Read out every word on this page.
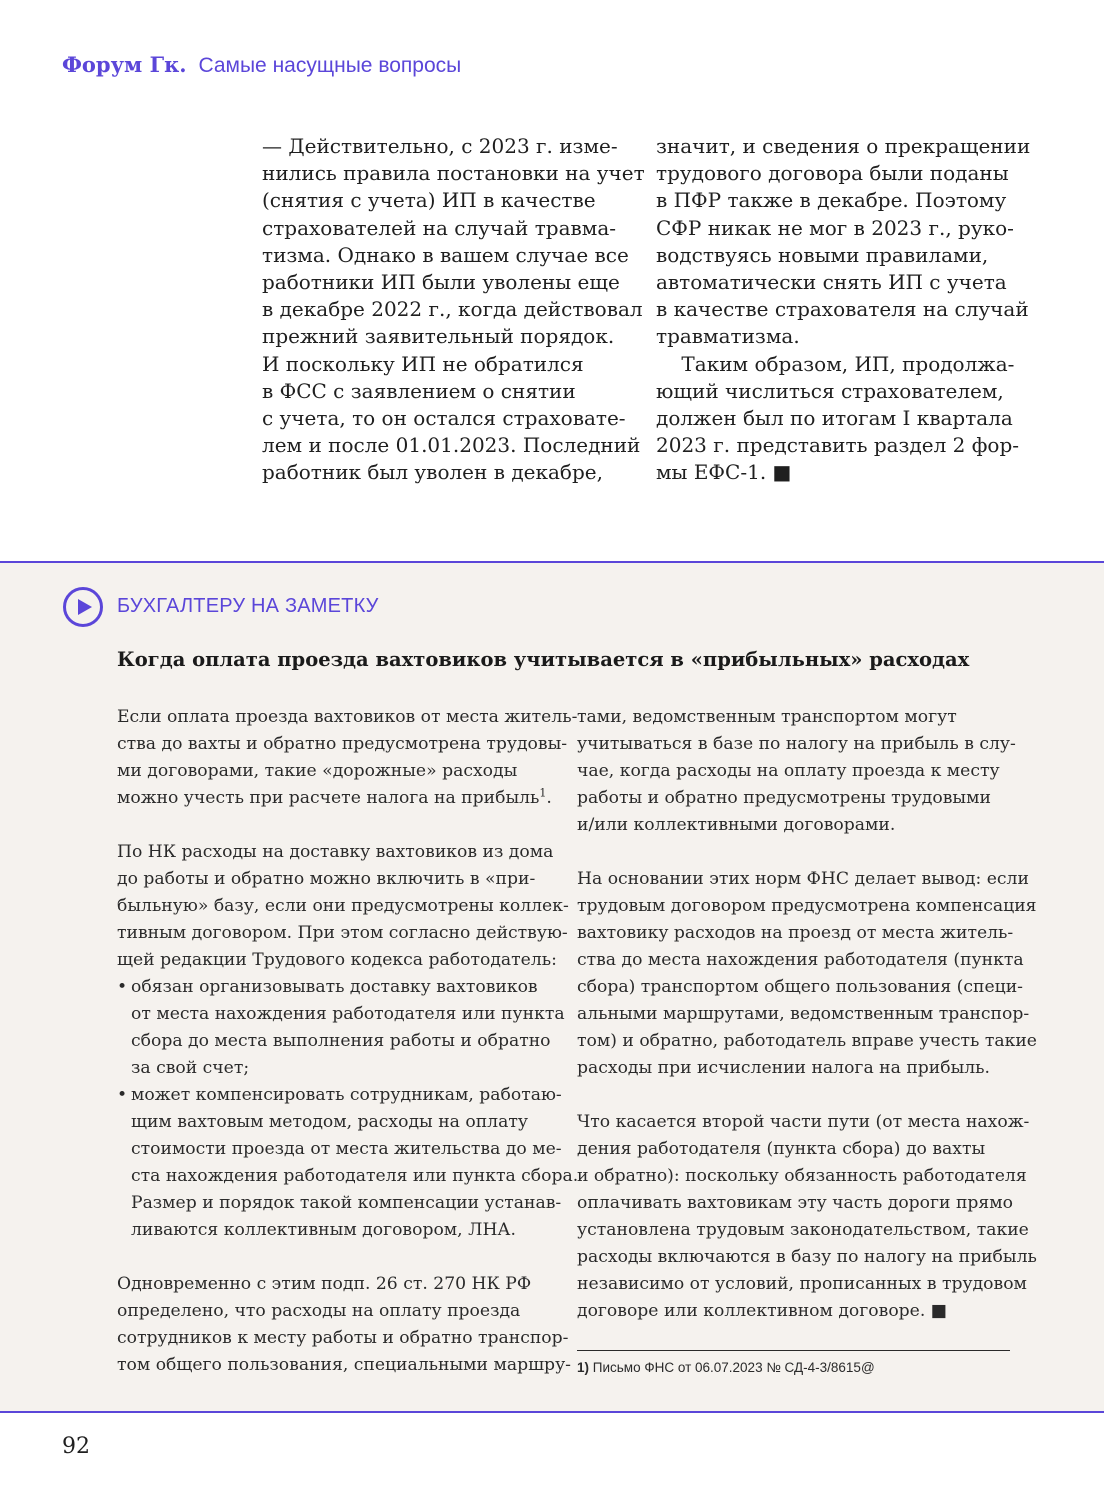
Форум Гк. Самые насущные вопросы
— Действительно, с 2023 г. изме-
нились правила постановки на учет
(снятия с учета) ИП в качестве
страхователей на случай травма-
тизма. Однако в вашем случае все
работники ИП были уволены еще
в декабре 2022 г., когда действовал
прежний заявительный порядок.
И поскольку ИП не обратился
в ФСС с заявлением о снятии
с учета, то он остался страховате-
лем и после 01.01.2023. Последний
работник был уволен в декабре,
значит, и сведения о прекращении
трудового договора были поданы
в ПФР также в декабре. Поэтому
СФР никак не мог в 2023 г., руко-
водствуясь новыми правилами,
автоматически снять ИП с учета
в качестве страхователя на случай
травматизма.
Таким образом, ИП, продолжа-
ющий числиться страхователем,
должен был по итогам I квартала
2023 г. представить раздел 2 фор-
мы ЕФС-1. ■
БУХГАЛТЕРУ НА ЗАМЕТКУ
Когда оплата проезда вахтовиков учитывается в «прибыльных» расходах
Если оплата проезда вахтовиков от места житель-
ства до вахты и обратно предусмотрена трудовы-
ми договорами, такие «дорожные» расходы
можно учесть при расчете налога на прибыль$^1$.
По НК расходы на доставку вахтовиков из дома
до работы и обратно можно включить в «при-
быльную» базу, если они предусмотрены коллек-
тивным договором. При этом согласно действую-
щей редакции Трудового кодекса работодатель:
• обязан организовывать доставку вахтовиков
от места нахождения работодателя или пункта
сбора до места выполнения работы и обратно
за свой счет;
• может компенсировать сотрудникам, работаю-
щим вахтовым методом, расходы на оплату
стоимости проезда от места жительства до ме-
ста нахождения работодателя или пункта сбора.
Размер и порядок такой компенсации устанав-
ливаются коллективным договором, ЛНА.
Одновременно с этим подп. 26 ст. 270 НК РФ
определено, что расходы на оплату проезда
сотрудников к месту работы и обратно транспор-
том общего пользования, специальными маршру-
тами, ведомственным транспортом могут
учитываться в базе по налогу на прибыль в слу-
чае, когда расходы на оплату проезда к месту
работы и обратно предусмотрены трудовыми
и/или коллективными договорами.
На основании этих норм ФНС делает вывод: если
трудовым договором предусмотрена компенсация
вахтовику расходов на проезд от места житель-
ства до места нахождения работодателя (пункта
сбора) транспортом общего пользования (специ-
альными маршрутами, ведомственным транспор-
том) и обратно, работодатель вправе учесть такие
расходы при исчислении налога на прибыль.
Что касается второй части пути (от места нахож-
дения работодателя (пункта сбора) до вахты
и обратно): поскольку обязанность работодателя
оплачивать вахтовикам эту часть дороги прямо
установлена трудовым законодательством, такие
расходы включаются в базу по налогу на прибыль
независимо от условий, прописанных в трудовом
договоре или коллективном договоре. ■
1) Письмо ФНС от 06.07.2023 № СД-4-3/8615@
92
